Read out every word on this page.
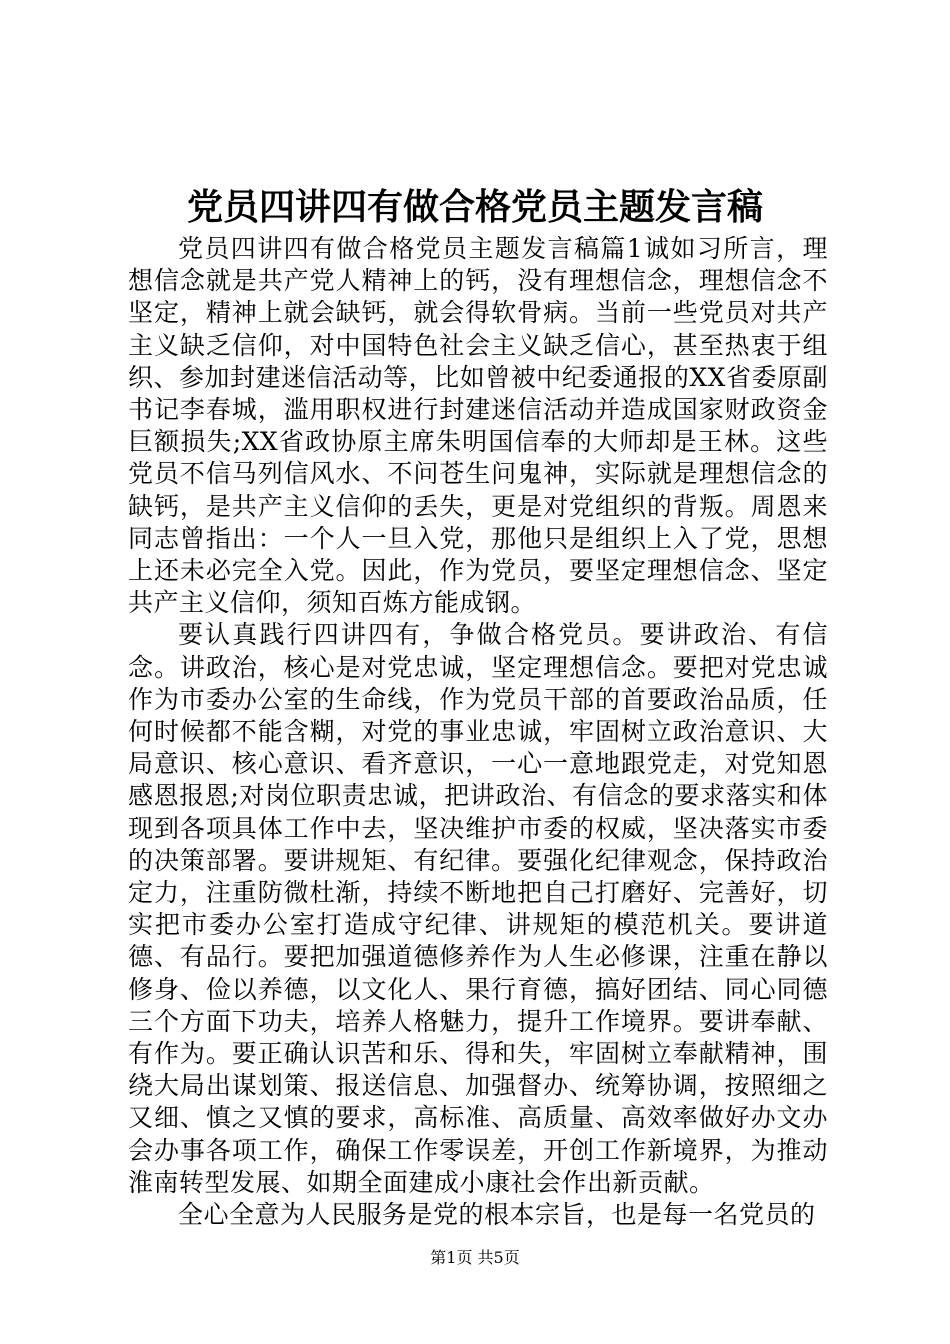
党员四讲四有做合格党员主题发言稿

党员四讲四有做合格党员主题发言稿篇1诚如习所言，理想信念就是共产党人精神上的钙，没有理想信念，理想信念不坚定，精神上就会缺钙，就会得软骨病。当前一些党员对共产主义缺乏信仰，对中国特色社会主义缺乏信心，甚至热衷于组织、参加封建迷信活动等，比如曾被中纪委通报的XX省委原副书记李春城，滥用职权进行封建迷信活动并造成国家财政资金巨额损失;XX省政协原主席朱明国信奉的大师却是王林。这些党员不信马列信风水、不问苍生问鬼神，实际就是理想信念的缺钙，是共产主义信仰的丢失，更是对党组织的背叛。周恩来同志曾指出：一个人一旦入党，那他只是组织上入了党，思想上还未必完全入党。因此，作为党员，要坚定理想信念、坚定共产主义信仰，须知百炼方能成钢。

要认真践行四讲四有，争做合格党员。要讲政治、有信念。讲政治，核心是对党忠诚，坚定理想信念。要把对党忠诚作为市委办公室的生命线，作为党员干部的首要政治品质，任何时候都不能含糊，对党的事业忠诚，牢固树立政治意识、大局意识、核心意识、看齐意识，一心一意地跟党走，对党知恩感恩报恩;对岗位职责忠诚，把讲政治、有信念的要求落实和体现到各项具体工作中去，坚决维护市委的权威，坚决落实市委的决策部署。要讲规矩、有纪律。要强化纪律观念，保持政治定力，注重防微杜渐，持续不断地把自己打磨好、完善好，切实把市委办公室打造成守纪律、讲规矩的模范机关。要讲道德、有品行。要把加强道德修养作为人生必修课，注重在静以修身、俭以养德，以文化人、果行育德，搞好团结、同心同德三个方面下功夫，培养人格魅力，提升工作境界。要讲奉献、有作为。要正确认识苦和乐、得和失，牢固树立奉献精神，围绕大局出谋划策、报送信息、加强督办、统筹协调，按照细之又细、慎之又慎的要求，高标准、高质量、高效率做好办文办会办事各项工作，确保工作零误差，开创工作新境界，为推动淮南转型发展、如期全面建成小康社会作出新贡献。

全心全意为人民服务是党的根本宗旨，也是每一名党员的

第1页 共5页
